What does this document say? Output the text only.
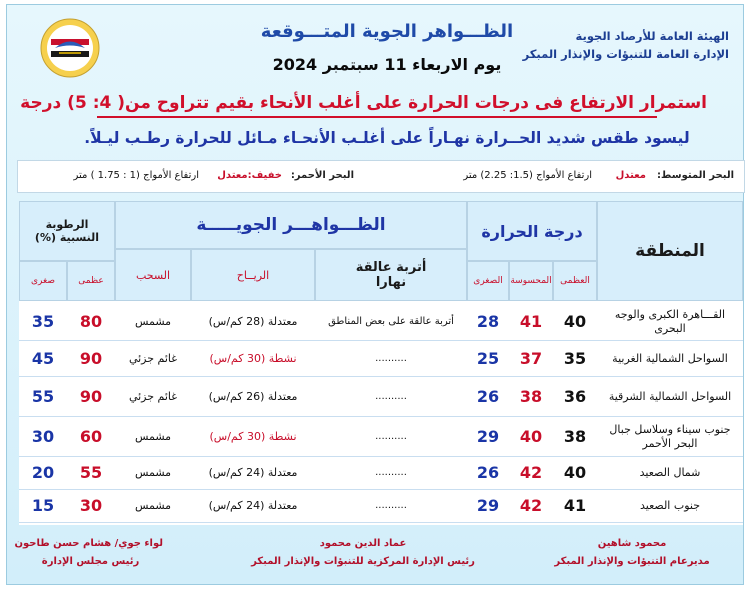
الهيئة العامة للأرصاد الجوية
الإدارة العامة للتنبؤات والإنذار المبكر
الظـــواهر الجوية المتـــوقعة
يوم الاربعاء 11 سبتمبر 2024
استمرار الارتفاع فى درجات الحرارة على أغلب الأنحاء بقيم تتراوح من( 4: 5) درجة
ليسود طقس شديد الحــرارة نهـاراً على أغلـب الأنحـاء مـائل للحرارة رطـب ليـلاً.
البحر المتوسط:
معتدل
ارتفاع الأمواج (1.5: 2.25) متر
البحر الأحمر:
خفيف:معتدل
ارتفاع الأمواج (1 : 1.75 ) متر
المنطقة
درجة الحرارة
العظمى
المحسوسة
الصغرى
الظـــواهـــر الجويـــــة
أتربة عالقة نهارا
الريــاح
السحب
الرطوبة النسبية (%)
عظمى
صغرى
القـــاهرة الكبرى والوجه البحرى
40
41
28
أتربة عالقة على بعض المناطق
معتدلة (28 كم/س)
مشمس
80
35
السواحل الشمالية الغربية
35
37
25
..........
نشطة (30 كم/س)
غائم جزئي
90
45
السواحل الشمالية الشرقية
36
38
26
..........
معتدلة (26 كم/س)
غائم جزئي
90
55
جنوب سيناء وسلاسل جبال البحر الأحمر
38
40
29
..........
نشطة (30 كم/س)
مشمس
60
30
شمال الصعيد
40
42
26
..........
معتدلة (24 كم/س)
مشمس
55
20
جنوب الصعيد
41
42
29
..........
معتدلة (24 كم/س)
مشمس
30
15
محمود شاهين
مديرعام التنبؤات والإنذار المبكر
عماد الدين محمود
رئيس الإدارة المركزية للتنبؤات والإنذار المبكر
لواء جوي/ هشام حسن طاحون
رئيس مجلس الإدارة
